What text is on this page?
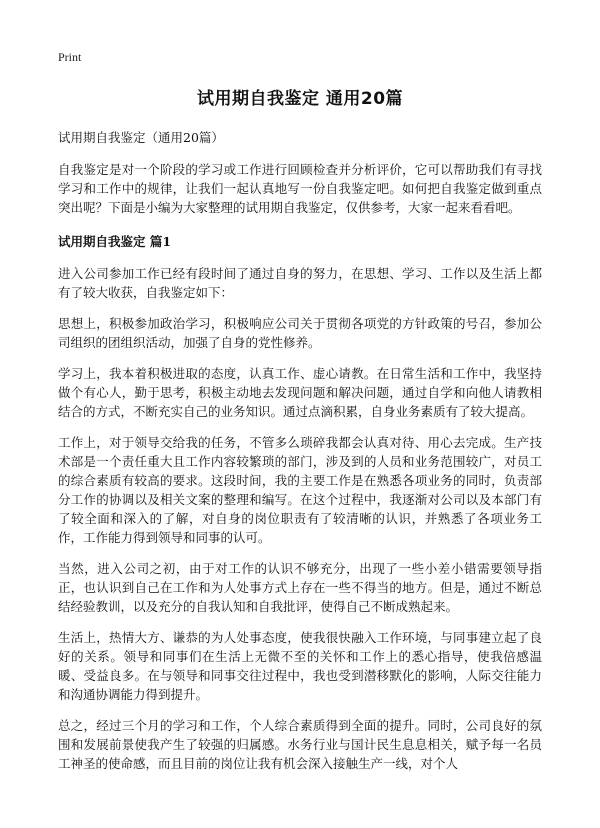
Print
试用期自我鉴定 通用20篇

试用期自我鉴定（通用20篇）

自我鉴定是对一个阶段的学习或工作进行回顾检查并分析评价，它可以帮助我们有寻找学习和工作中的规律，让我们一起认真地写一份自我鉴定吧。如何把自我鉴定做到重点突出呢？下面是小编为大家整理的试用期自我鉴定，仅供参考，大家一起来看看吧。

试用期自我鉴定 篇1

进入公司参加工作已经有段时间了通过自身的努力，在思想、学习、工作以及生活上都有了较大收获，自我鉴定如下：

思想上，积极参加政治学习，积极响应公司关于贯彻各项党的方针政策的号召，参加公司组织的团组织活动，加强了自身的党性修养。

学习上，我本着积极进取的态度，认真工作、虚心请教。在日常生活和工作中，我坚持做个有心人，勤于思考，积极主动地去发现问题和解决问题，通过自学和向他人请教相结合的方式，不断充实自己的业务知识。通过点滴积累，自身业务素质有了较大提高。

工作上，对于领导交给我的任务，不管多么琐碎我都会认真对待、用心去完成。生产技术部是一个责任重大且工作内容较繁琐的部门，涉及到的人员和业务范围较广，对员工的综合素质有较高的要求。这段时间，我的主要工作是在熟悉各项业务的同时，负责部分工作的协调以及相关文案的整理和编写。在这个过程中，我逐渐对公司以及本部门有了较全面和深入的了解，对自身的岗位职责有了较清晰的认识，并熟悉了各项业务工作，工作能力得到领导和同事的认可。

当然，进入公司之初，由于对工作的认识不够充分，出现了一些小差小错需要领导指正，也认识到自己在工作和为人处事方式上存在一些不得当的地方。但是，通过不断总结经验教训，以及充分的自我认知和自我批评，使得自己不断成熟起来。

生活上，热情大方、谦恭的为人处事态度，使我很快融入工作环境，与同事建立起了良好的关系。领导和同事们在生活上无微不至的关怀和工作上的悉心指导，使我倍感温暖、受益良多。在与领导和同事交往过程中，我也受到潜移默化的影响，人际交往能力和沟通协调能力得到提升。

总之，经过三个月的学习和工作，个人综合素质得到全面的提升。同时，公司良好的氛围和发展前景使我产生了较强的归属感。水务行业与国计民生息息相关，赋予每一名员工神圣的使命感，而且目前的岗位让我有机会深入接触生产一线，对个人
